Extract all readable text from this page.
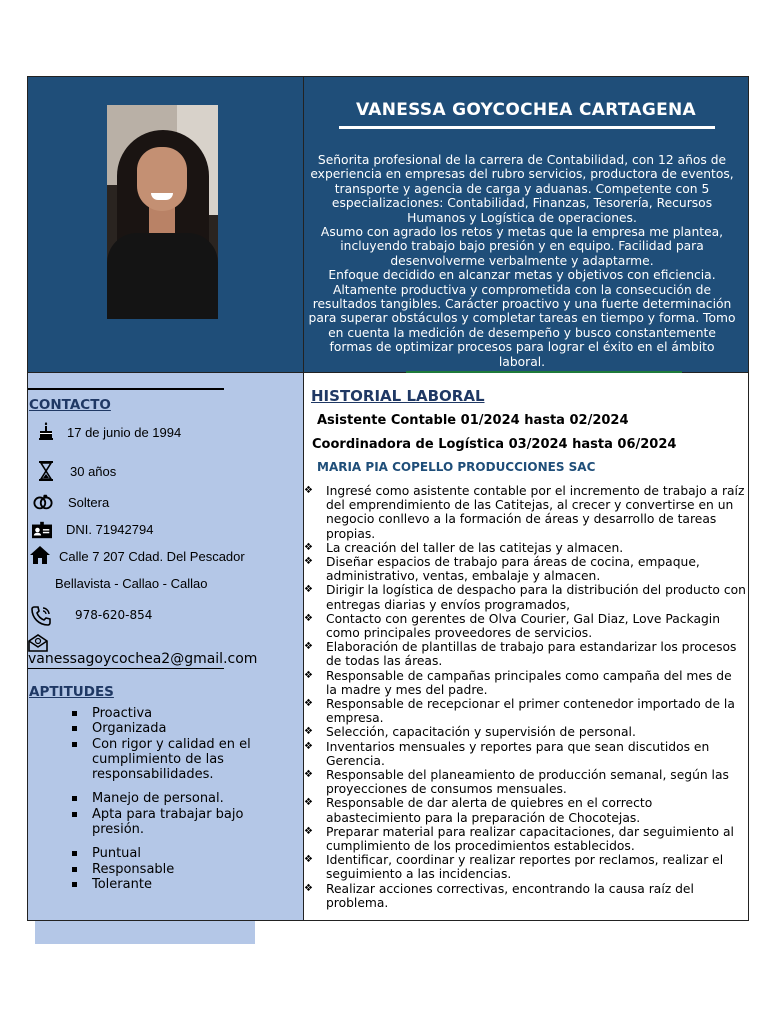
VANESSA GOYCOCHEA CARTAGENA

Señorita profesional de la carrera de Contabilidad, con 12 años de experiencia en empresas del rubro servicios, productora de eventos, transporte y agencia de carga y aduanas. Competente con 5 especializaciones: Contabilidad, Finanzas, Tesorería, Recursos Humanos y Logística de operaciones.

Asumo con agrado los retos y metas que la empresa me plantea, incluyendo trabajo bajo presión y en equipo. Facilidad para desenvolverme verbalmente y adaptarme.

Enfoque decidido en alcanzar metas y objetivos con eficiencia. Altamente productiva y comprometida con la consecución de resultados tangibles. Carácter proactivo y una fuerte determinación para superar obstáculos y completar tareas en tiempo y forma. Tomo en cuenta la medición de desempeño y busco constantemente formas de optimizar procesos para lograr el éxito en el ámbito laboral.

CONTACTO
17 de junio de 1994
30 años
Soltera
DNI. 71942794
Calle 7 207 Cdad. Del Pescador
Bellavista - Callao - Callao
978-620-854
vanessagoycochea2@gmail.com
APTITUDES
Proactiva
Organizada
Con rigor y calidad en el cumplimiento de las responsabilidades.
Manejo de personal.
Apta para trabajar bajo presión.
Puntual
Responsable
Tolerante
HISTORIAL LABORAL
Asistente Contable 01/2024 hasta 02/2024
Coordinadora de Logística 03/2024 hasta 06/2024
MARIA PIA COPELLO PRODUCCIONES SAC
❖ Ingresé como asistente contable por el incremento de trabajo a raíz del emprendimiento de las Catitejas, al crecer y convertirse en un negocio conllevo a la formación de áreas y desarrollo de tareas propias.
❖ La creación del taller de las catitejas y almacen.
❖ Diseñar espacios de trabajo para áreas de cocina, empaque, administrativo, ventas, embalaje y almacen.
❖ Dirigir la logística de despacho para la distribución del producto con entregas diarias y envíos programados,
❖ Contacto con gerentes de Olva Courier, Gal Diaz, Love Packagin como principales proveedores de servicios.
❖ Elaboración de plantillas de trabajo para estandarizar los procesos de todas las áreas.
❖ Responsable de campañas principales como campaña del mes de la madre y mes del padre.
❖ Responsable de recepcionar el primer contenedor importado de la empresa.
❖ Selección, capacitación y supervisión de personal.
❖ Inventarios mensuales y reportes para que sean discutidos en Gerencia.
❖ Responsable del planeamiento de producción semanal, según las proyecciones de consumos mensuales.
❖ Responsable de dar alerta de quiebres en el correcto abastecimiento para la preparación de Chocotejas.
❖ Preparar material para realizar capacitaciones, dar seguimiento al cumplimiento de los procedimientos establecidos.
❖ Identificar, coordinar y realizar reportes por reclamos, realizar el seguimiento a las incidencias.
❖ Realizar acciones correctivas, encontrando la causa raíz del problema.
